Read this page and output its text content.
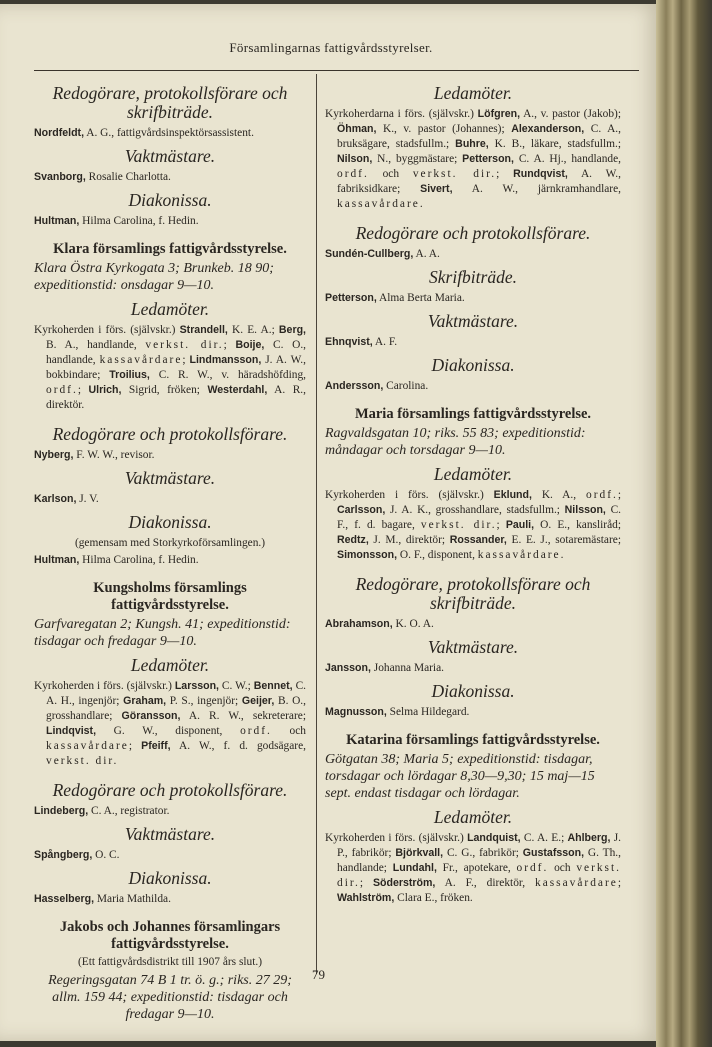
Församlingarnas fattigvårdsstyrelser.
Redogörare, protokollsförare och skrifbiträde.

Nordfeldt, A. G., fattigvårdsinspektörsassistent.

Vaktmästare.

Svanborg, Rosalie Charlotta.

Diakonissa.

Hultman, Hilma Carolina, f. Hedin.

Klara församlings fattigvårdsstyrelse.
Klara Östra Kyrkogata 3; Brunkeb. 18 90; expeditionstid: onsdagar 9—10.
Ledamöter.

Kyrkoherden i förs. (självskr.) Strandell, K. E. A.; Berg, B. A., handlande, verkst. dir.; Boije, C. O., handlande, kassavårdare; Lindmansson, J. A. W., bokbindare; Troilius, C. R. W., v. häradshöfding, ordf.; Ulrich, Sigrid, fröken; Westerdahl, A. R., direktör.

Redogörare och protokollsförare.

Nyberg, F. W. W., revisor.

Vaktmästare.

Karlson, J. V.

Diakonissa.

(gemensam med Storkyrkoförsamlingen.)

Hultman, Hilma Carolina, f. Hedin.

Kungsholms församlings fattigvårdsstyrelse.
Garfvaregatan 2; Kungsh. 41; expeditionstid: tisdagar och fredagar 9—10.
Ledamöter.

Kyrkoherden i förs. (självskr.) Larsson, C. W.; Bennet, C. A. H., ingenjör; Graham, P. S., ingenjör; Geijer, B. O., grosshandlare; Göransson, A. R. W., sekreterare; Lindqvist, G. W., disponent, ordf. och kassavårdare; Pfeiff, A. W., f. d. godsägare, verkst. dir.

Redogörare och protokollsförare.

Lindeberg, C. A., registrator.

Vaktmästare.

Spångberg, O. C.

Diakonissa.

Hasselberg, Maria Mathilda.

Jakobs och Johannes församlingars fattigvårdsstyrelse.

(Ett fattigvårdsdistrikt till 1907 års slut.)

Regeringsgatan 74 B 1 tr. ö. g.; riks. 27 29; allm. 159 44; expeditionstid: tisdagar och fredagar 9—10.
Ledamöter.

Kyrkoherdarna i förs. (självskr.) Löfgren, A., v. pastor (Jakob); Öhman, K., v. pastor (Johannes); Alexanderson, C. A., bruksägare, stadsfullm.; Buhre, K. B., läkare, stadsfullm.; Nilson, N., byggmästare; Petterson, C. A. Hj., handlande, ordf. och verkst. dir.; Rundqvist, A. W., fabriksidkare; Sivert, A. W., järnkramhandlare, kassavårdare.

Redogörare och protokollsförare.

Sundén-Cullberg, A. A.

Skrifbiträde.

Petterson, Alma Berta Maria.

Vaktmästare.

Ehnqvist, A. F.

Diakonissa.

Andersson, Carolina.

Maria församlings fattigvårdsstyrelse.
Ragvaldsgatan 10; riks. 55 83; expeditionstid: måndagar och torsdagar 9—10.
Ledamöter.

Kyrkoherden i förs. (självskr.) Eklund, K. A., ordf.; Carlsson, J. A. K., grosshandlare, stadsfullm.; Nilsson, C. F., f. d. bagare, verkst. dir.; Pauli, O. E., kansliråd; Redtz, J. M., direktör; Rossander, E. E. J., sotaremästare; Simonsson, O. F., disponent, kassavårdare.

Redogörare, protokollsförare och skrifbiträde.

Abrahamson, K. O. A.

Vaktmästare.

Jansson, Johanna Maria.

Diakonissa.

Magnusson, Selma Hildegard.

Katarina församlings fattigvårdsstyrelse.
Götgatan 38; Maria 5; expeditionstid: tisdagar, torsdagar och lördagar 8,30—9,30; 15 maj—15 sept. endast tisdagar och lördagar.
Ledamöter.

Kyrkoherden i förs. (självskr.) Landquist, C. A. E.; Ahlberg, J. P., fabrikör; Björkvall, C. G., fabrikör; Gustafsson, G. Th., handlande; Lundahl, Fr., apotekare, ordf. och verkst. dir.; Söderström, A. F., direktör, kassavårdare; Wahlström, Clara E., fröken.

79
